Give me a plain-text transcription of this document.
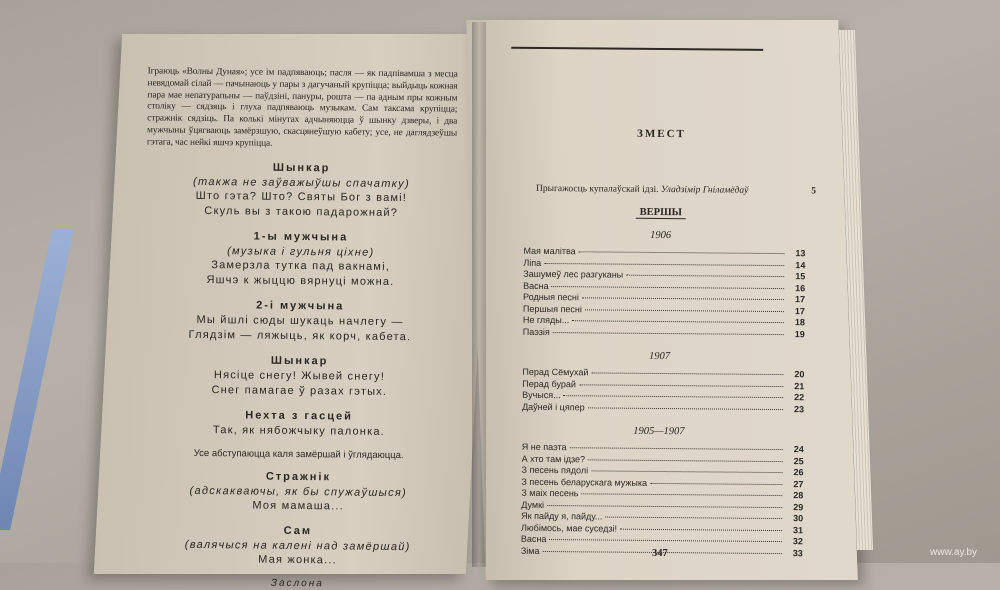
Іграюць «Волны Дуная»; усе ім падпяваюць; пасля — як падпiвамша з месца невядомай сілай — пачынаюць у пары з дагучаный крупіцца; выйдыць кожная пара мае непатурапьны — паўдзіні, пануры, рошта — па адным пры кожным століку — сядзяць і глуха падпяваюць музыкам. Сам таксама крупіцца; стражнік сядзіць. Па колькі мінутах адчыняюцца ў шынку дзверы, і два мужчыны ўцягваюць замёрзшую, скасцянеўшую кабету; усе, не даглядзеўшы гэтага, час нейкі яшчэ крупіцца.

Шынкар

(такжа не заўважыўшы спачатку)

Што гэта? Што? Святы Бог з вамі!

Скуль вы з такою падарожнай?

1-ы мужчына

(музыка і гульня ціхне)

Замерзла тутка пад вакнамі,

Яшчэ к жыццю вярнуці можна.

2-і мужчына

Мы йшлі сюды шукаць начлегу —

Глядзім — ляжыць, як корч, кабета.

Шынкар

Нясіце снегу! Жывей снегу!

Снег памагае ў разах гэтых.

Нехта з гасцей

Так, як нябожчыку палонка.

Усе абступаюцца каля замёршай і ўглядаюцца.

Стражнік

(адскакваючы, як бы спужаўшыся)

Моя мамаша...

Сам

(валячыся на калені над замёршай)

Мая жонка...

Заслона
ЗМЕСТ
Прыгажосць купалаўскай ідзі. Уладзімір Гніламёдаў	5
ВЕРШЫ
1906
Мая малітва	13
Ліпа	14
Зашумеў лес разгуканы	15
Васна	16
Родныя песні	17
Першыя песні	17
Не гляды...	18
Паэзія	19
1907
Перад Сёмухай	20
Перад бурай	21
Вучыся...	22
Даўней і цяпер	23
1905—1907
Я не паэта	24
А хто там ідзе?	25
З песень пядолі	26
З песень беларускага мужыка	27
З маіх песень	28
Думкі	29
Як пайду я, пайду...	30
Любімось, мае суседзі!	31
Васна	32
Зіма	33
347	www.ay.by
